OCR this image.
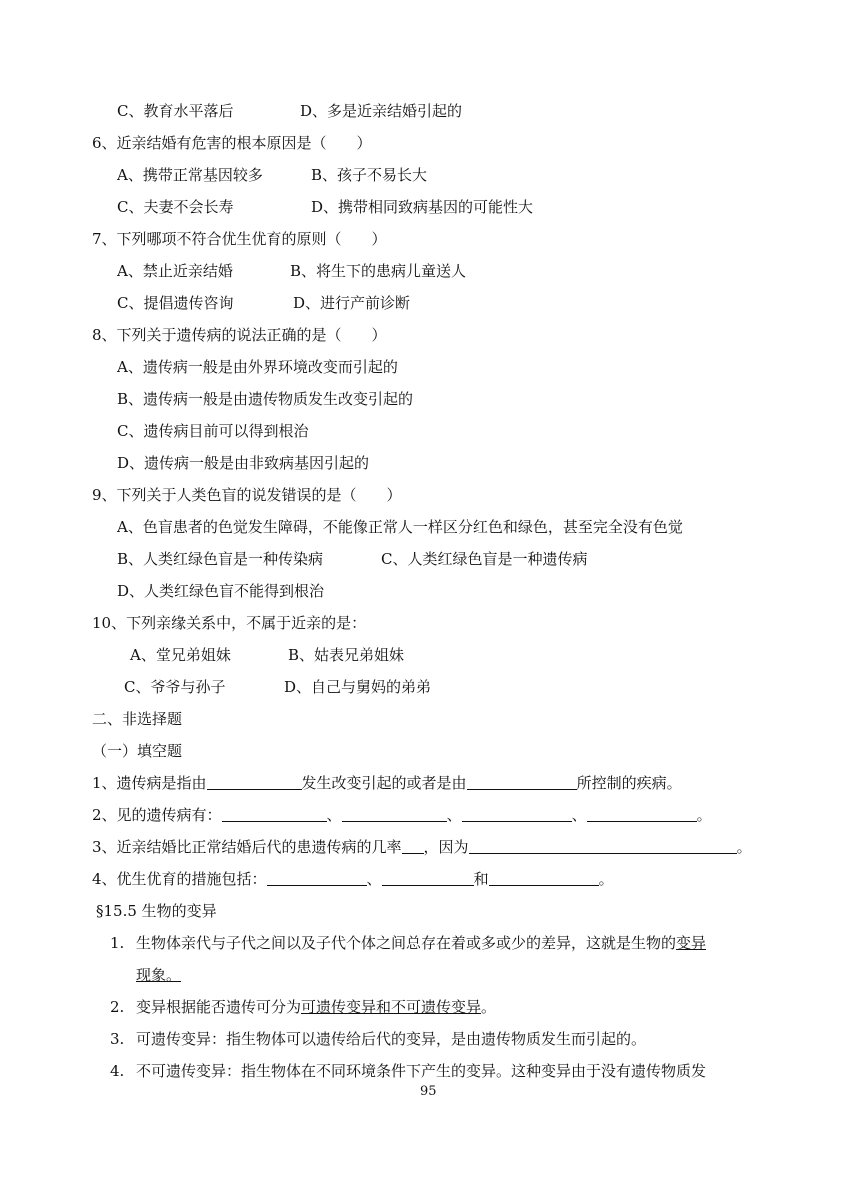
C、教育水平落后	D、多是近亲结婚引起的
6、近亲结婚有危害的根本原因是（　　）
A、携带正常基因较多	B、孩子不易长大
C、夫妻不会长寿	D、携带相同致病基因的可能性大
7、下列哪项不符合优生优育的原则（　　）
A、禁止近亲结婚	B、将生下的患病儿童送人
C、提倡遗传咨询	D、进行产前诊断
8、下列关于遗传病的说法正确的是（　　）
A、遗传病一般是由外界环境改变而引起的
B、遗传病一般是由遗传物质发生改变引起的
C、遗传病目前可以得到根治
D、遗传病一般是由非致病基因引起的
9、下列关于人类色盲的说发错误的是（　　）
A、色盲患者的色觉发生障碍，不能像正常人一样区分红色和绿色，甚至完全没有色觉
B、人类红绿色盲是一种传染病	C、人类红绿色盲是一种遗传病
D、人类红绿色盲不能得到根治
10、下列亲缘关系中，不属于近亲的是：
A、堂兄弟姐妹	B、姑表兄弟姐妹
C、爷爷与孙子	D、自己与舅妈的弟弟
二、非选择题
（一）填空题
1、遗传病是指由	发生改变引起的或者是由	所控制的疾病。
2、见的遗传病有：	、	、	、	。
3、近亲结婚比正常结婚后代的患遗传病的几率 ，因为	。
4、优生优育的措施包括：	、	和	。
§15.5 生物的变异
1. 生物体亲代与子代之间以及子代个体之间总存在着或多或少的差异，这就是生物的变异
现象。
2. 变异根据能否遗传可分为可遗传变异和不可遗传变异。
3. 可遗传变异：指生物体可以遗传给后代的变异，是由遗传物质发生而引起的。
4. 不可遗传变异：指生物体在不同环境条件下产生的变异。这种变异由于没有遗传物质发
95
